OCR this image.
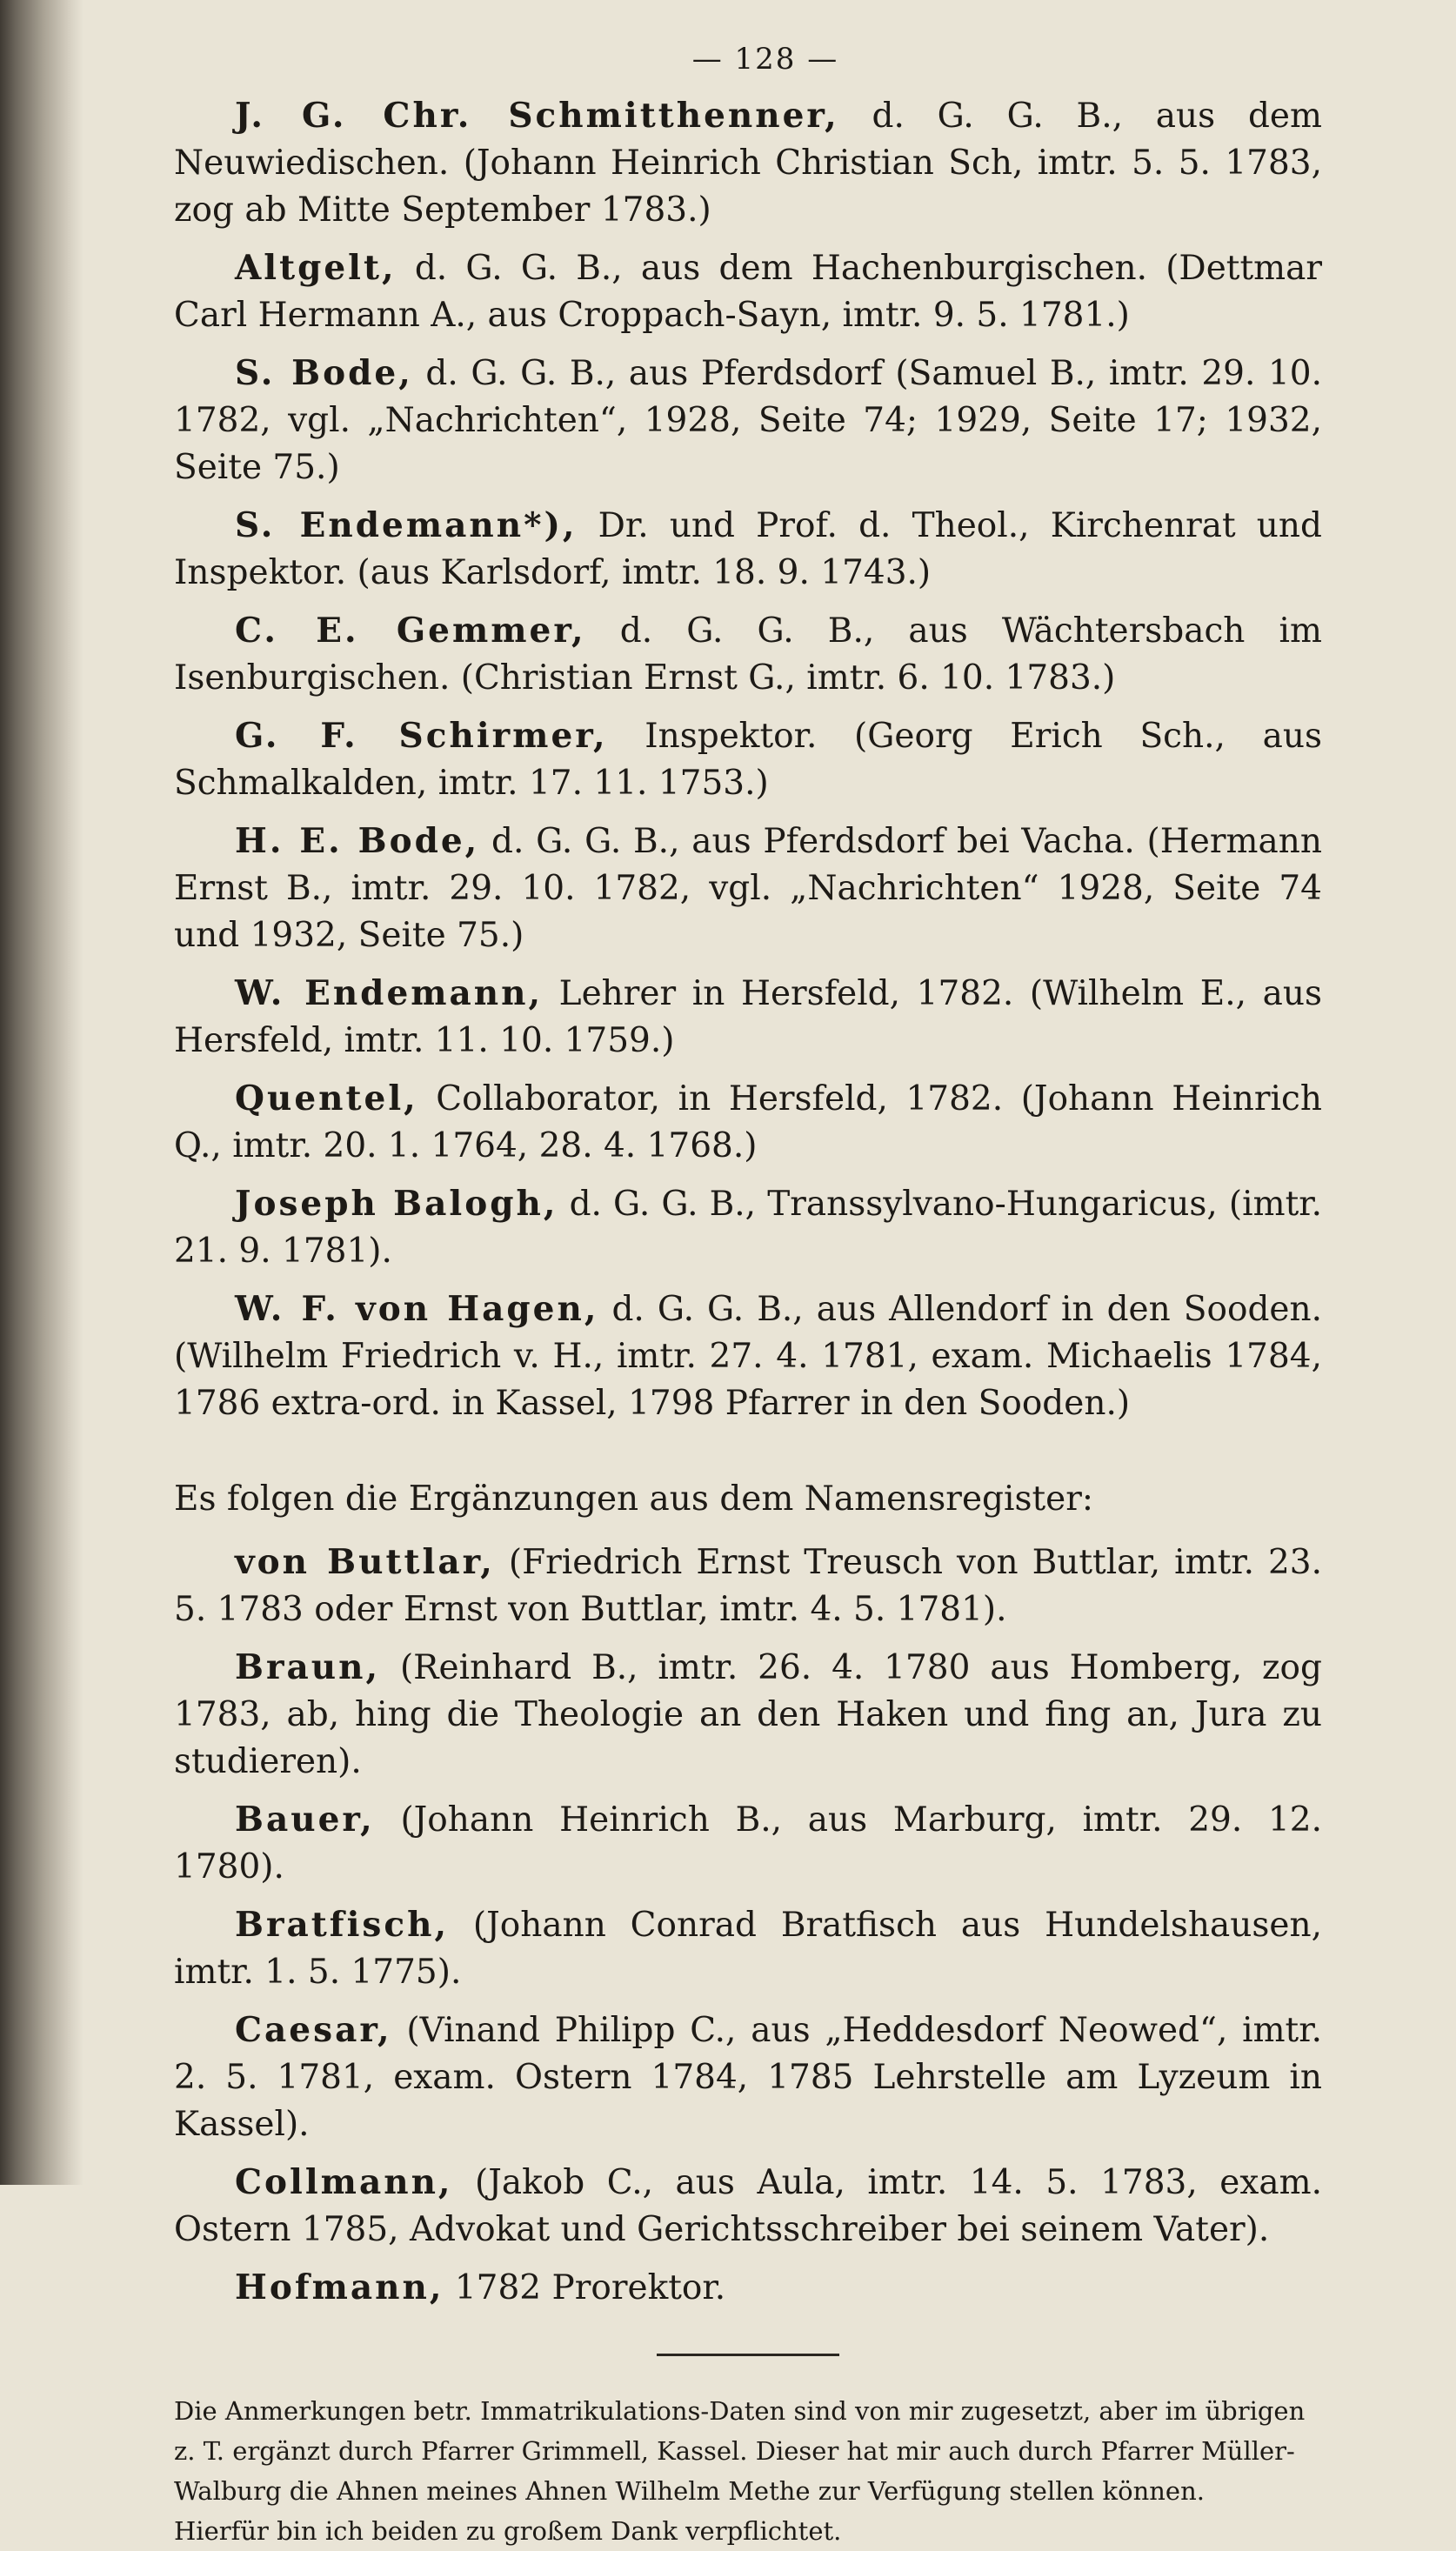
— 128 —

J. G. Chr. Schmitthenner, d. G. G. B., aus dem Neuwiedischen. (Johann Heinrich Christian Sch, imtr. 5. 5. 1783, zog ab Mitte September 1783.)

Altgelt, d. G. G. B., aus dem Hachenburgischen. (Dettmar Carl Hermann A., aus Croppach-Sayn, imtr. 9. 5. 1781.)

S. Bode, d. G. G. B., aus Pferdsdorf (Samuel B., imtr. 29. 10. 1782, vgl. „Nachrichten“, 1928, Seite 74; 1929, Seite 17; 1932, Seite 75.)

S. Endemann*), Dr. und Prof. d. Theol., Kirchenrat und Inspektor. (aus Karlsdorf, imtr. 18. 9. 1743.)

C. E. Gemmer, d. G. G. B., aus Wächtersbach im Isenburgischen. (Christian Ernst G., imtr. 6. 10. 1783.)

G. F. Schirmer, Inspektor. (Georg Erich Sch., aus Schmalkalden, imtr. 17. 11. 1753.)

H. E. Bode, d. G. G. B., aus Pferdsdorf bei Vacha. (Hermann Ernst B., imtr. 29. 10. 1782, vgl. „Nachrichten“ 1928, Seite 74 und 1932, Seite 75.)

W. Endemann, Lehrer in Hersfeld, 1782. (Wilhelm E., aus Hersfeld, imtr. 11. 10. 1759.)

Quentel, Collaborator, in Hersfeld, 1782. (Johann Heinrich Q., imtr. 20. 1. 1764, 28. 4. 1768.)

Joseph Balogh, d. G. G. B., Transsylvano-Hungaricus, (imtr. 21. 9. 1781).

W. F. von Hagen, d. G. G. B., aus Allendorf in den Sooden. (Wilhelm Friedrich v. H., imtr. 27. 4. 1781, exam. Michaelis 1784, 1786 extra-ord. in Kassel, 1798 Pfarrer in den Sooden.)

Es folgen die Ergänzungen aus dem Namensregister:

von Buttlar, (Friedrich Ernst Treusch von Buttlar, imtr. 23. 5. 1783 oder Ernst von Buttlar, imtr. 4. 5. 1781).

Braun, (Reinhard B., imtr. 26. 4. 1780 aus Homberg, zog 1783, ab, hing die Theologie an den Haken und fing an, Jura zu studieren).

Bauer, (Johann Heinrich B., aus Marburg, imtr. 29. 12. 1780).

Bratfisch, (Johann Conrad Bratfisch aus Hundelshausen, imtr. 1. 5. 1775).

Caesar, (Vinand Philipp C., aus „Heddesdorf Neowed“, imtr. 2. 5. 1781, exam. Ostern 1784, 1785 Lehrstelle am Lyzeum in Kassel).

Collmann, (Jakob C., aus Aula, imtr. 14. 5. 1783, exam. Ostern 1785, Advokat und Gerichtsschreiber bei seinem Vater).

Hofmann, 1782 Prorektor.

Die Anmerkungen betr. Immatrikulations-Daten sind von mir zugesetzt, aber im übrigen
z. T. ergänzt durch Pfarrer Grimmell, Kassel. Dieser hat mir auch durch Pfarrer Müller-
Walburg die Ahnen meines Ahnen Wilhelm Methe zur Verfügung stellen können.
Hierfür bin ich beiden zu großem Dank verpflichtet.
